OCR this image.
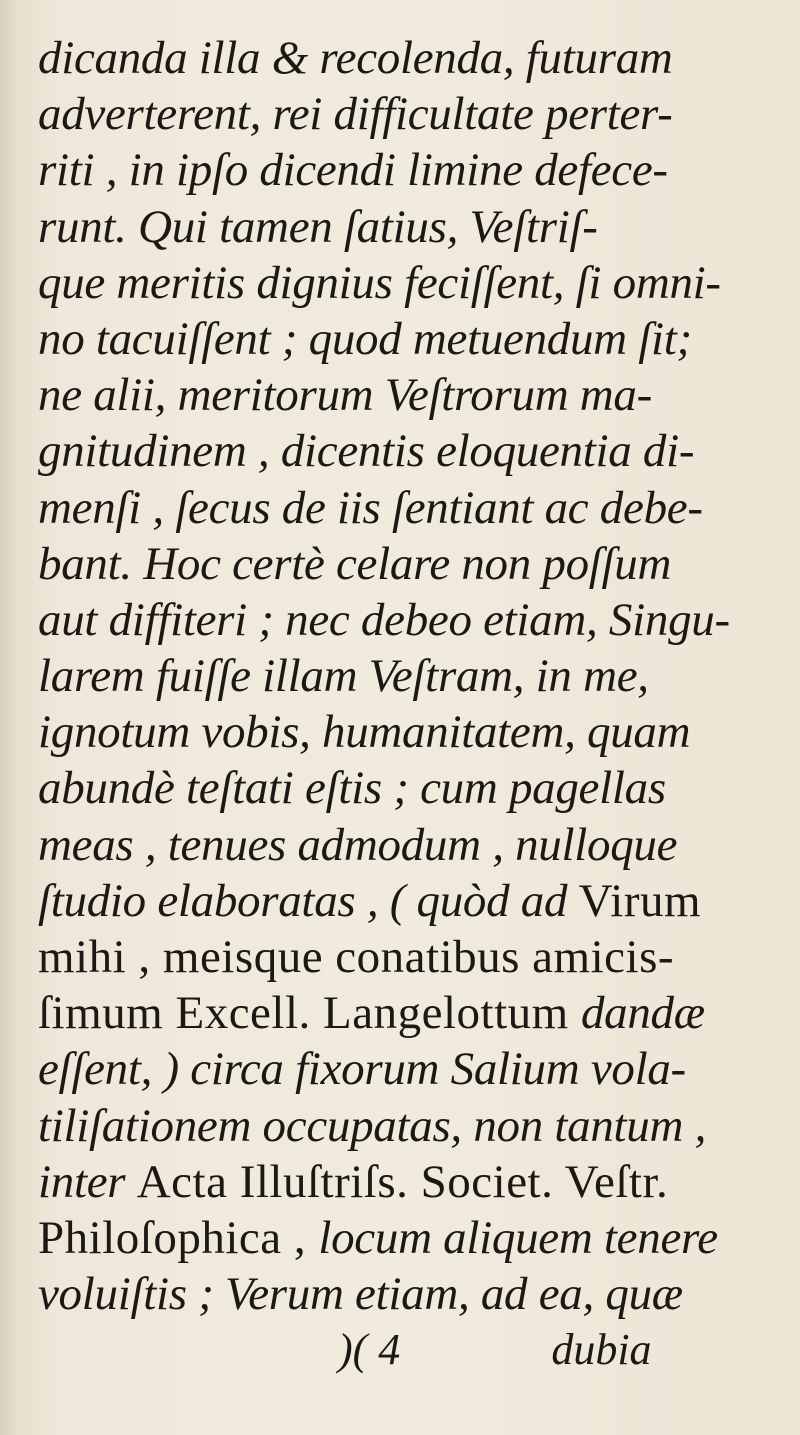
dicanda illa & recolenda, futuram
adverterent, rei difficultate perter-
riti , in ipſo dicendi limine defece-
runt. Qui tamen ſatius, Veſtriſ-
que meritis dignius feciſſent, ſi omni-
no tacuiſſent ; quod metuendum ſit;
ne alii, meritorum Veſtrorum ma-
gnitudinem , dicentis eloquentia di-
menſi , ſecus de iis ſentiant ac debe-
bant. Hoc certè celare non poſſum
aut diffiteri ; nec debeo etiam, Singu-
larem fuiſſe illam Veſtram, in me,
ignotum vobis, humanitatem, quam
abundè teſtati eſtis ; cum pagellas
meas , tenues admodum , nulloque
ſtudio elaboratas , ( quòd ad Virum
mihi , meisque conatibus amicis-
ſimum Excell. Langelottum dandæ
eſſent, ) circa fixorum Salium vola-
tiliſationem occupatas, non tantum ,
inter Acta Illuſtriſs. Societ. Veſtr.
Philoſophica , locum aliquem tenere
voluiſtis ; Verum etiam, ad ea, quæ
)( 4	dubia
